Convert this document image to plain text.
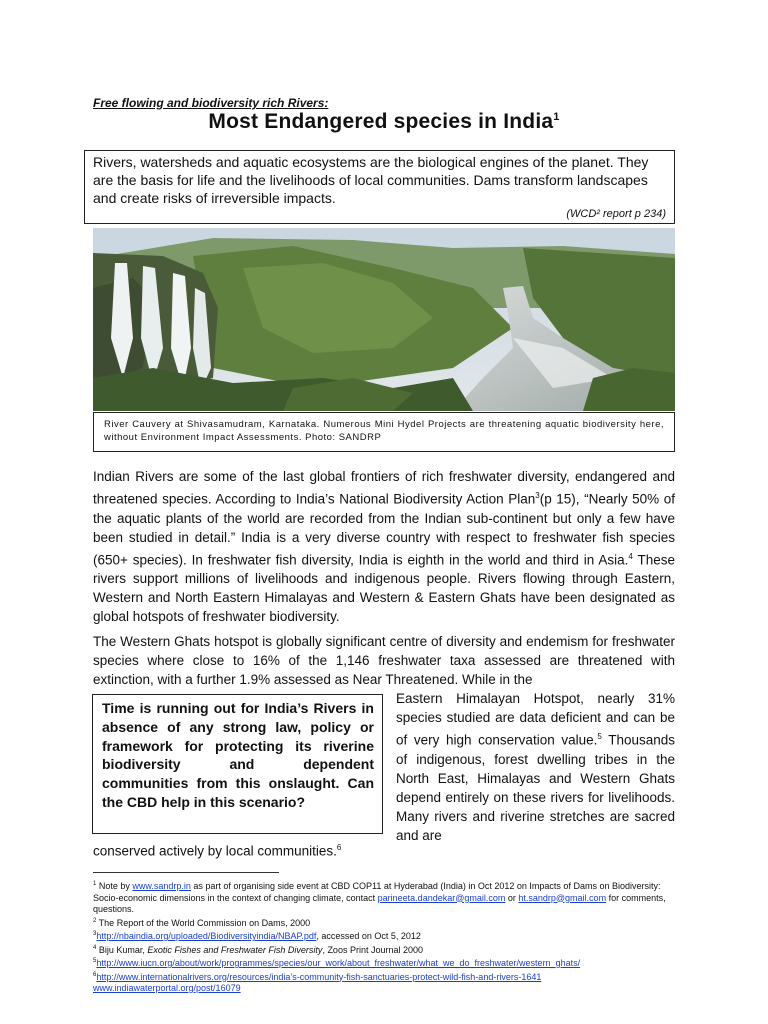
Free flowing and biodiversity rich Rivers:
Most Endangered species in India$^1$
Rivers, watersheds and aquatic ecosystems are the biological engines of the planet. They are the basis for life and the livelihoods of local communities. Dams transform landscapes and create risks of irreversible impacts.
(WCD² report p 234)
River Cauvery at Shivasamudram, Karnataka. Numerous Mini Hydel Projects are threatening aquatic biodiversity here, without Environment Impact Assessments. Photo: SANDRP
Indian Rivers are some of the last global frontiers of rich freshwater diversity, endangered and threatened species. According to India’s National Biodiversity Action Plan$^3$(p 15), “Nearly 50% of the aquatic plants of the world are recorded from the Indian sub-continent but only a few have been studied in detail.” India is a very diverse country with respect to freshwater fish species (650+ species). In freshwater fish diversity, India is eighth in the world and third in Asia.$^4$ These rivers support millions of livelihoods and indigenous people. Rivers flowing through Eastern, Western and North Eastern Himalayas and Western & Eastern Ghats have been designated as global hotspots of freshwater biodiversity.
The Western Ghats hotspot is globally significant centre of diversity and endemism for freshwater species where close to 16% of the 1,146 freshwater taxa assessed are threatened with extinction, with a further 1.9% assessed as Near Threatened. While in the
Time is running out for India’s Rivers in absence of any strong law, policy or framework for protecting its riverine biodiversity and dependent communities from this onslaught. Can the CBD help in this scenario?
Eastern Himalayan Hotspot, nearly 31% species studied are data deficient and can be of very high conservation value.$^5$ Thousands of indigenous, forest dwelling tribes in the North East, Himalayas and Western Ghats depend entirely on these rivers for livelihoods. Many rivers and riverine stretches are sacred and are
conserved actively by local communities.$^6$

$^1$ Note by www.sandrp.in as part of organising side event at CBD COP11 at Hyderabad (India) in Oct 2012 on Impacts of Dams on Biodiversity: Socio-economic dimensions in the context of changing climate, contact parineeta.dandekar@gmail.com or ht.sandrp@gmail.com for comments, questions.

$^2$ The Report of the World Commission on Dams, 2000

$^3$http://nbaindia.org/uploaded/Biodiversityindia/NBAP.pdf, accessed on Oct 5, 2012

$^4$ Biju Kumar, Exotic Fishes and Freshwater Fish Diversity, Zoos Print Journal 2000

$^5$http://www.iucn.org/about/work/programmes/species/our_work/about_freshwater/what_we_do_freshwater/western_ghats/

$^6$http://www.internationalrivers.org/resources/india’s-community-fish-sanctuaries-protect-wild-fish-and-rivers-1641

www.indiawaterportal.org/post/16079
